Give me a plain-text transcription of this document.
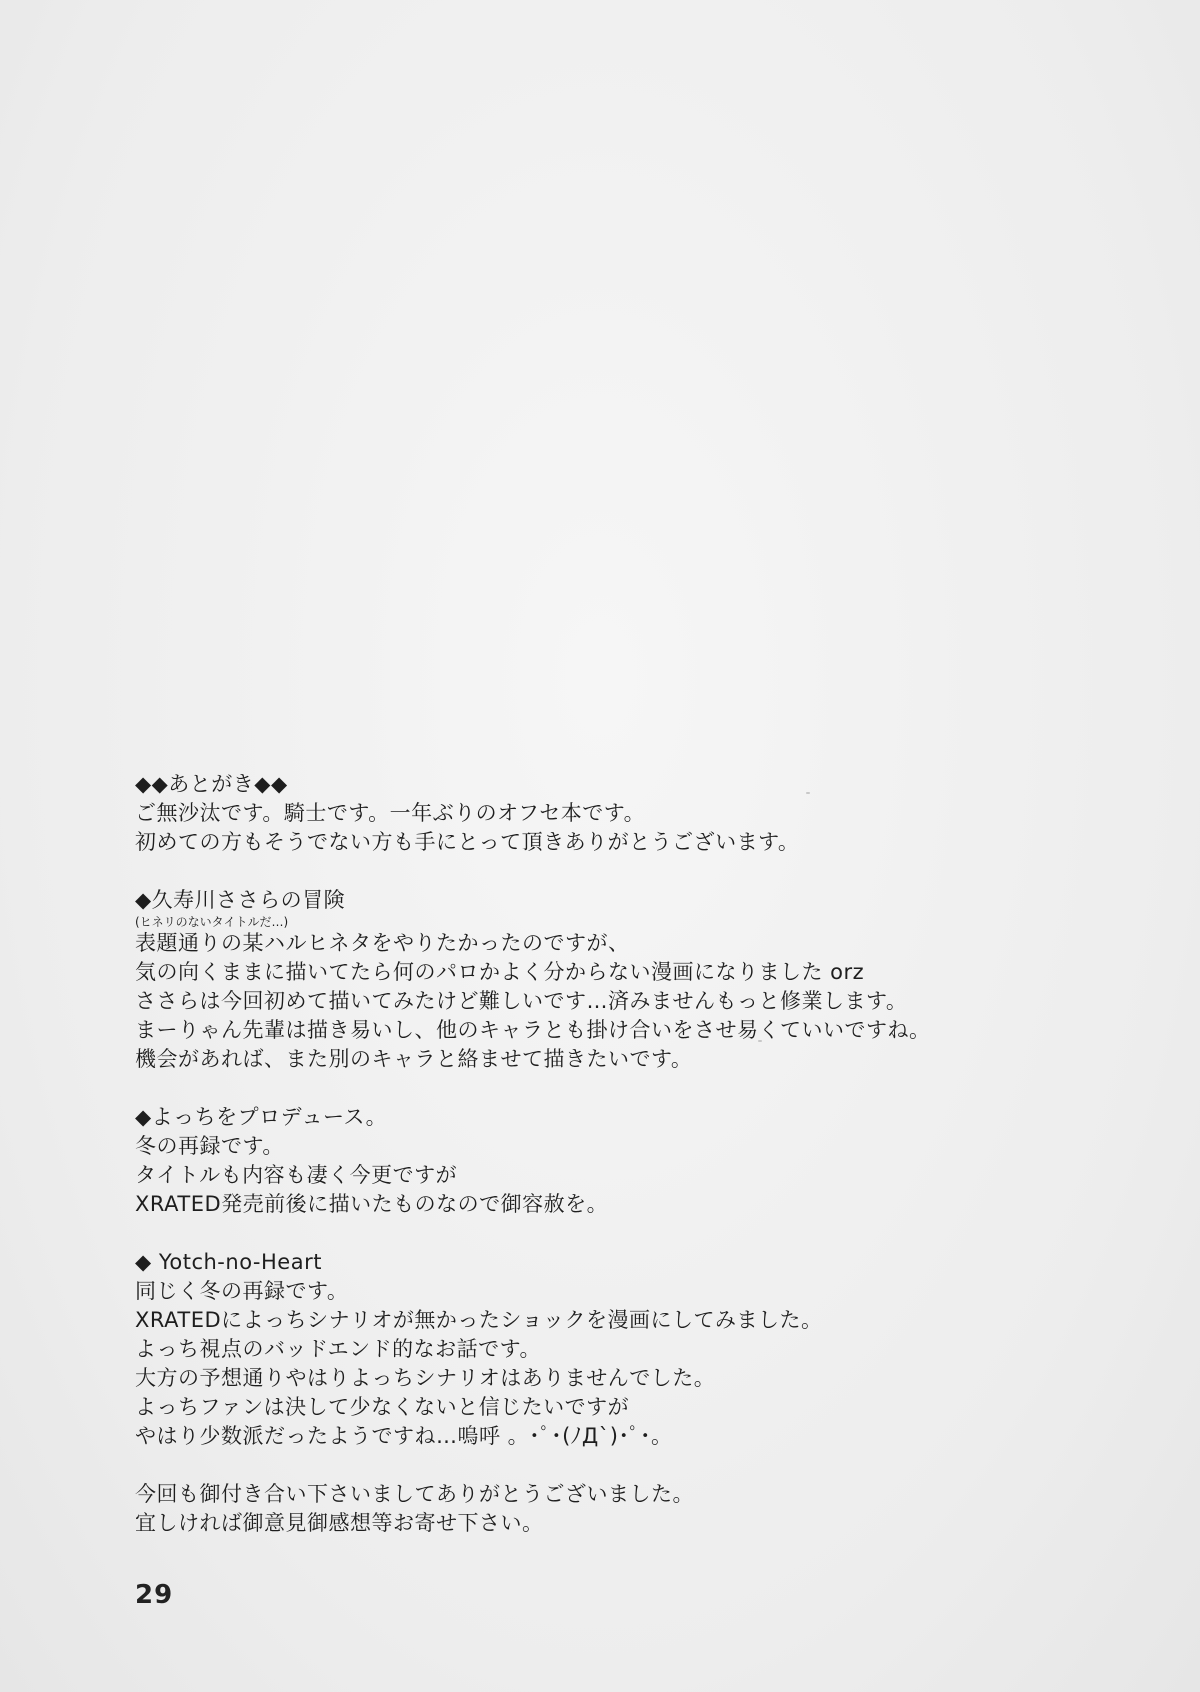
◆◆あとがき◆◆

ご無沙汰です。騎士です。一年ぶりのオフセ本です。

初めての方もそうでない方も手にとって頂きありがとうございます。

◆久寿川ささらの冒険

(ヒネリのないタイトルだ…)

表題通りの某ハルヒネタをやりたかったのですが、

気の向くままに描いてたら何のパロかよく分からない漫画になりました orz

ささらは今回初めて描いてみたけど難しいです…済みませんもっと修業します。

まーりゃん先輩は描き易いし、他のキャラとも掛け合いをさせ易くていいですね。

機会があれば、また別のキャラと絡ませて描きたいです。

◆よっちをプロデュース。

冬の再録です。

タイトルも内容も凄く今更ですが

XRATED発売前後に描いたものなので御容赦を。

◆ Yotch-no-Heart

同じく冬の再録です。

XRATEDによっちシナリオが無かったショックを漫画にしてみました。

よっち視点のバッドエンド的なお話です。

大方の予想通りやはりよっちシナリオはありませんでした。

よっちファンは決して少なくないと信じたいですが

やはり少数派だったようですね…嗚呼 。･ﾟ･(ﾉД`)･ﾟ･。

今回も御付き合い下さいましてありがとうございました。

宜しければ御意見御感想等お寄せ下さい。

29
